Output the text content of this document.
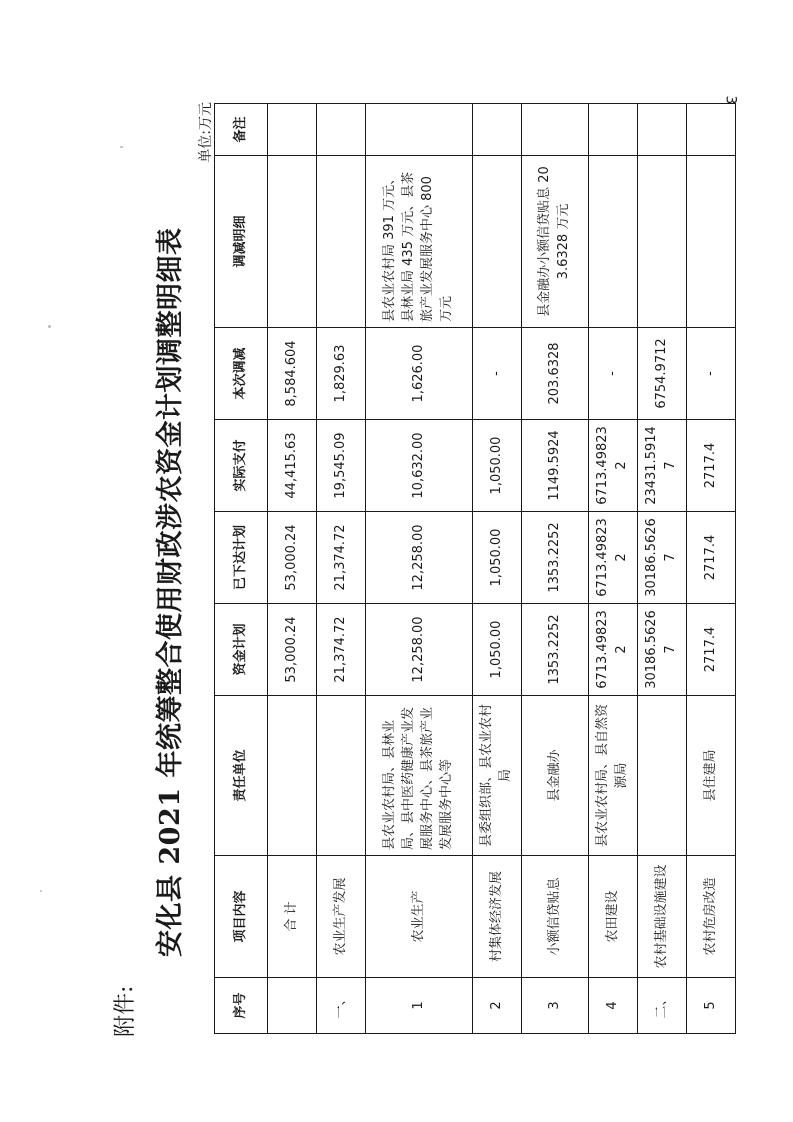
3
附件:
安化县 2021 年统筹整合使用财政涉农资金计划调整明细表
单位:万元
序号	项目内容	责任单位	资金计划	已下达计划	实际支付	本次调减	调减明细	备注
	合 计		53,000.24	53,000.24	44,415.63	8,584.604		
一、	农业生产发展		21,374.72	21,374.72	19,545.09	1,829.63		
1	农业生产	县农业农村局、县林业局、县中医药健康产业发展服务中心、县茶旅产业发展服务中心等	12,258.00	12,258.00	10,632.00	1,626.00	县农业农村局 391 万元、县林业局 435 万元、县茶旅产业发展服务中心 800 万元	
2	村集体经济发展	县委组织部、县农业农村局	1,050.00	1,050.00	1,050.00	-		
3	小额信贷贴息	县金融办	1353.2252	1353.2252	1149.5924	203.6328	县金融办小额信贷贴息 203.6328 万元	
4	农田建设	县农业农村局、县自然资源局	6713.498232	6713.498232	6713.498232	-		
二、	农村基础设施建设		30186.56267	30186.56267	23431.59147	6754.9712		
5	农村危房改造	县住建局	2717.4	2717.4	2717.4	-		
